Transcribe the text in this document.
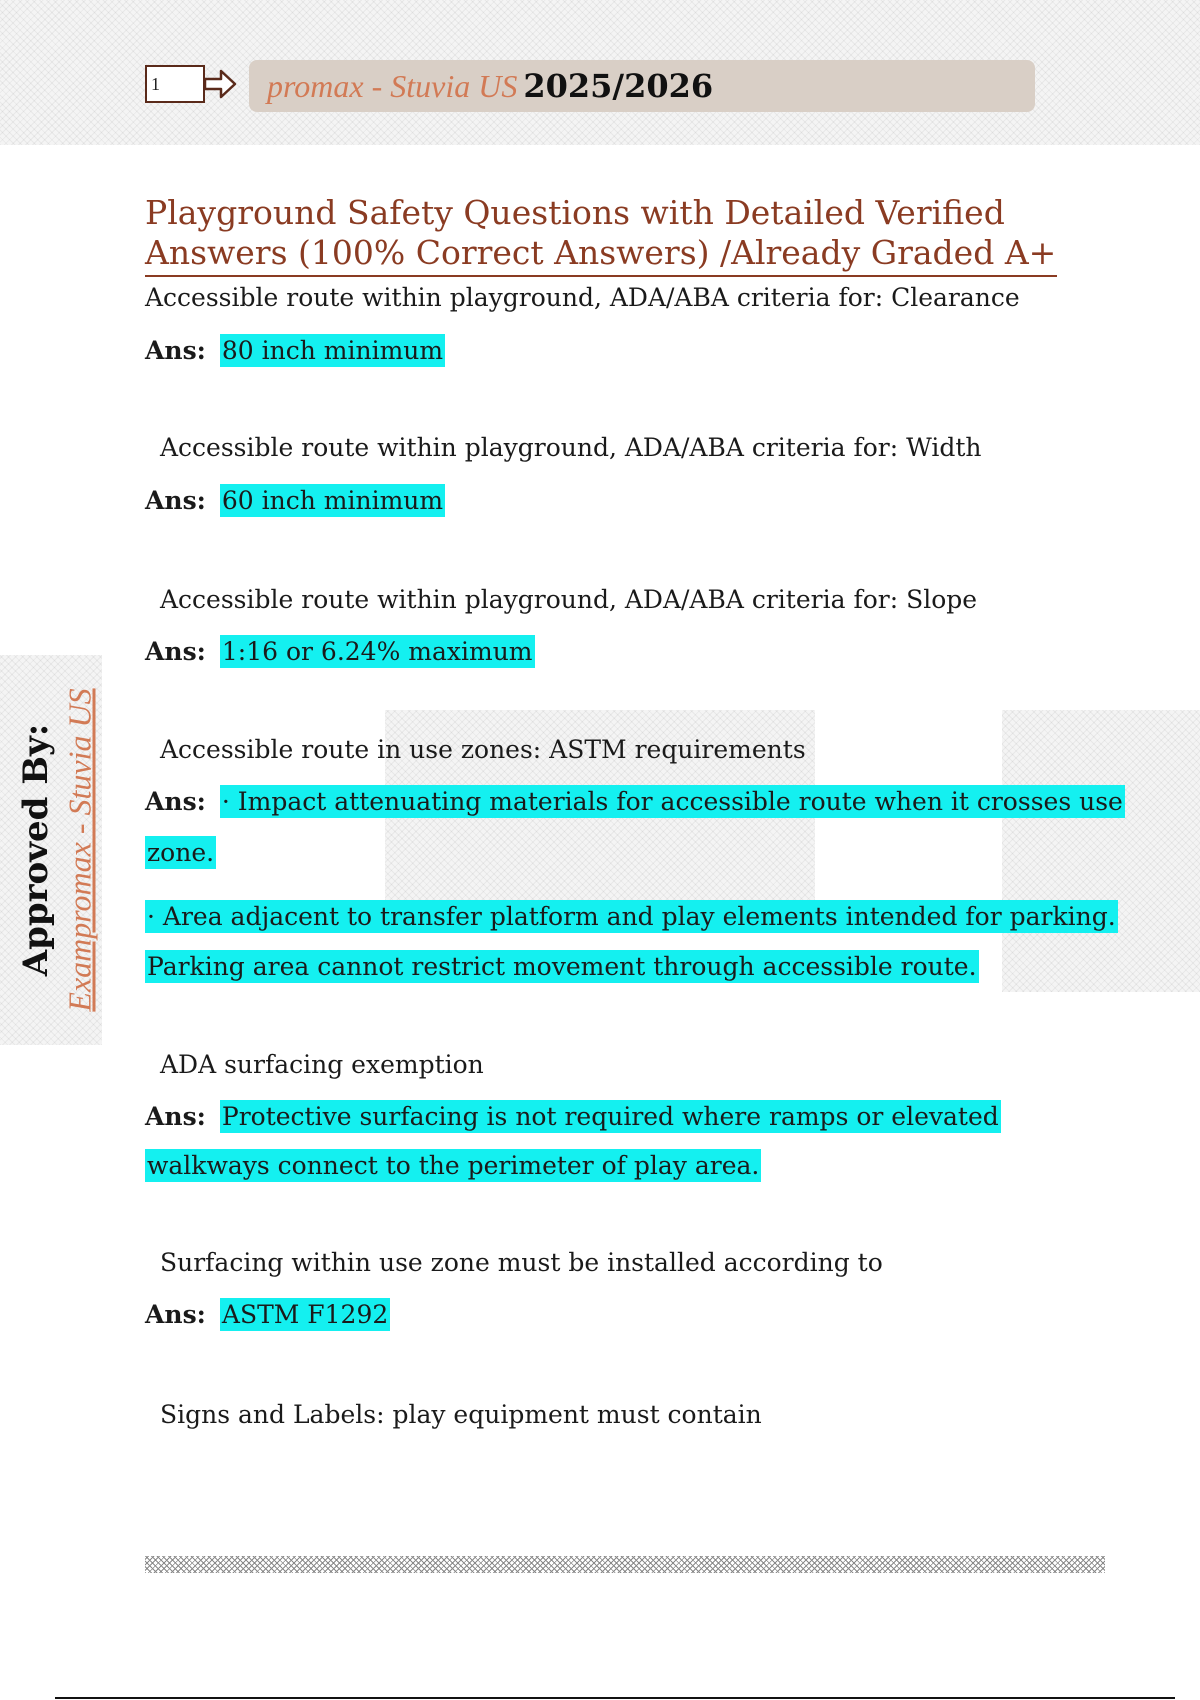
1	promax - Stuvia US 2025/2026
Playground Safety Questions with Detailed Verified
Answers (100% Correct Answers) /Already Graded A+
Approved By: Exampromax - Stuvia US
Accessible route within playground, ADA/ABA criteria for: Clearance
Ans: 80 inch minimum
Accessible route within playground, ADA/ABA criteria for: Width
Ans: 60 inch minimum
Accessible route within playground, ADA/ABA criteria for: Slope
Ans: 1:16 or 6.24% maximum
Accessible route in use zones: ASTM requirements
Ans: · Impact attenuating materials for accessible route when it crosses use
zone.
· Area adjacent to transfer platform and play elements intended for parking.
Parking area cannot restrict movement through accessible route.
ADA surfacing exemption
Ans: Protective surfacing is not required where ramps or elevated
walkways connect to the perimeter of play area.
Surfacing within use zone must be installed according to
Ans: ASTM F1292
Signs and Labels: play equipment must contain
